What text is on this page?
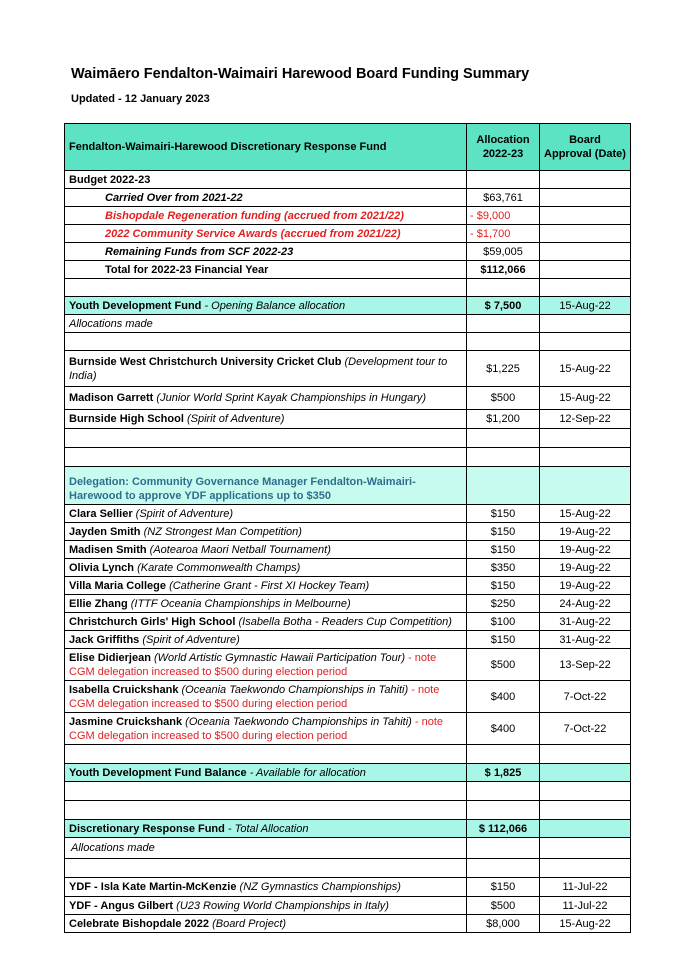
Waimāero Fendalton-Waimairi Harewood Board Funding Summary
Updated - 12 January 2023
Fendalton-Waimairi-Harewood Discretionary Response Fund	Allocation 2022-23	Board Approval (Date)
Budget 2022-23		
Carried Over from 2021-22	$63,761	
Bishopdale Regeneration funding (accrued from 2021/22)	- $9,000	
2022 Community Service Awards (accrued from 2021/22)	- $1,700	
Remaining Funds from SCF 2022-23	$59,005	
Total for 2022-23 Financial Year	$112,066	

Youth Development Fund - Opening Balance allocation	$ 7,500	15-Aug-22
Allocations made		

Burnside West Christchurch University Cricket Club (Development tour to India)	$1,225	15-Aug-22
Madison Garrett (Junior World Sprint Kayak Championships in Hungary)	$500	15-Aug-22
Burnside High School (Spirit of Adventure)	$1,200	12-Sep-22

Delegation: Community Governance Manager Fendalton-Waimairi-Harewood to approve YDF applications up to $350		
Clara Sellier (Spirit of Adventure)	$150	15-Aug-22
Jayden Smith (NZ Strongest Man Competition)	$150	19-Aug-22
Madisen Smith (Aotearoa Maori Netball Tournament)	$150	19-Aug-22
Olivia Lynch (Karate Commonwealth Champs)	$350	19-Aug-22
Villa Maria College (Catherine Grant - First XI Hockey Team)	$150	19-Aug-22
Ellie Zhang (ITTF Oceania Championships in Melbourne)	$250	24-Aug-22
Christchurch Girls' High School (Isabella Botha - Readers Cup Competition)	$100	31-Aug-22
Jack Griffiths (Spirit of Adventure)	$150	31-Aug-22
Elise Didierjean (World Artistic Gymnastic Hawaii Participation Tour) - note CGM delegation increased to $500 during election period	$500	13-Sep-22
Isabella Cruickshank (Oceania Taekwondo Championships in Tahiti) - note CGM delegation increased to $500 during election period	$400	7-Oct-22
Jasmine Cruickshank (Oceania Taekwondo Championships in Tahiti) - note CGM delegation increased to $500 during election period	$400	7-Oct-22

Youth Development Fund Balance - Available for allocation	$ 1,825	

Discretionary Response Fund - Total Allocation	$ 112,066	
Allocations made		

YDF - Isla Kate Martin-McKenzie (NZ Gymnastics Championships)	$150	11-Jul-22
YDF - Angus Gilbert (U23 Rowing World Championships in Italy)	$500	11-Jul-22
Celebrate Bishopdale 2022 (Board Project)	$8,000	15-Aug-22
